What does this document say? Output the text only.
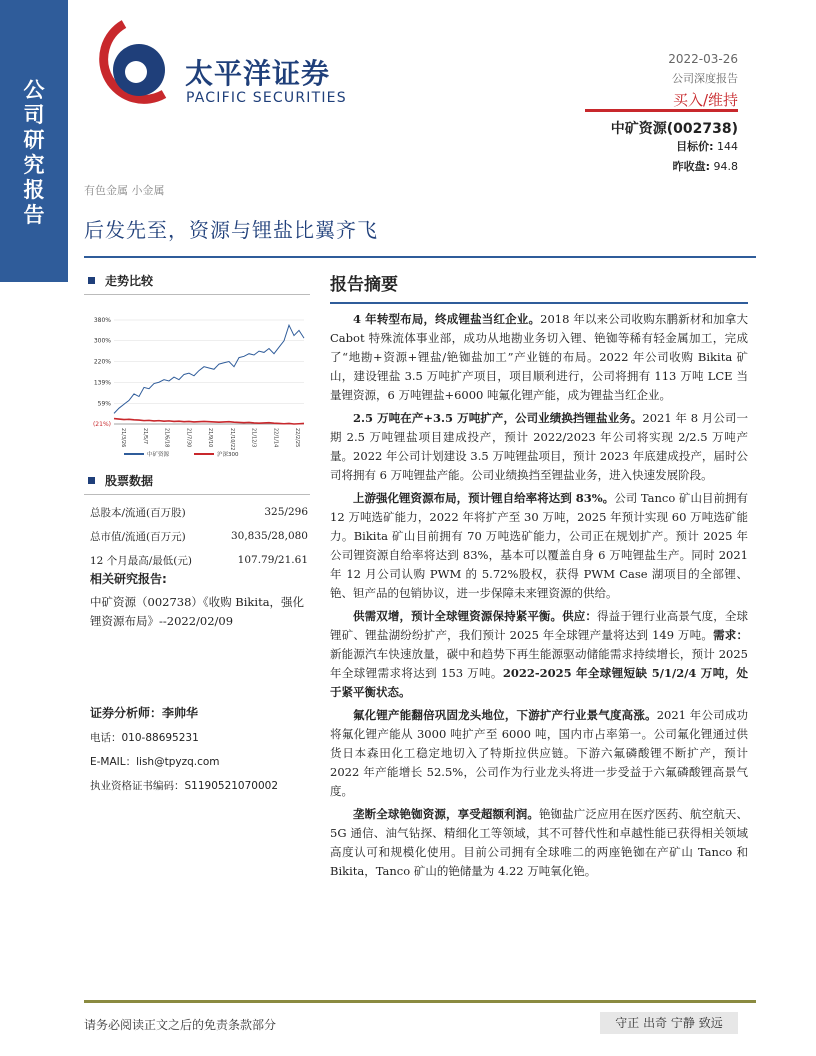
公司研究报告
太平洋证券
PACIFIC SECURITIES
2022-03-26
公司深度报告
买入/维持
中矿资源(002738)
目标价: 144
昨收盘: 94.8
有色金属 小金属
后发先至，资源与锂盐比翼齐飞
走势比较
380%
300%
220%
139%
59%
(21%)
21/3/26	21/5/7	21/6/18	21/7/30	21/9/10	21/10/22	21/12/3	22/1/14	22/2/25
中矿资源	沪深300
股票数据
总股本/流通(百万股)	325/296
总市值/流通(百万元)	30,835/28,080
12 个月最高/最低(元)	107.79/21.61
相关研究报告:
中矿资源（002738）《收购 Bikita，强化锂资源布局》--2022/02/09
证券分析师：李帅华
电话：010-88695231
E-MAIL：lish@tpyzq.com
执业资格证书编码：S1190521070002
报告摘要

4 年转型布局，终成锂盐当红企业。2018 年以来公司收购东鹏新材和加拿大 Cabot 特殊流体事业部，成功从地勘业务切入锂、铯铷等稀有轻金属加工，完成了“地勘+资源+锂盐/铯铷盐加工”产业链的布局。2022 年公司收购 Bikita 矿山，建设锂盐 3.5 万吨扩产项目，项目顺利进行，公司将拥有 113 万吨 LCE 当量锂资源，6 万吨锂盐+6000 吨氟化锂产能，成为锂盐当红企业。

2.5 万吨在产+3.5 万吨扩产，公司业绩换挡锂盐业务。2021 年 8 月公司一期 2.5 万吨锂盐项目建成投产，预计 2022/2023 年公司将实现 2/2.5 万吨产量。2022 年公司计划建设 3.5 万吨锂盐项目，预计 2023 年底建成投产，届时公司将拥有 6 万吨锂盐产能。公司业绩换挡至锂盐业务，进入快速发展阶段。

上游强化锂资源布局，预计锂自给率将达到 83%。公司 Tanco 矿山目前拥有 12 万吨选矿能力，2022 年将扩产至 30 万吨，2025 年预计实现 60 万吨选矿能力。Bikita 矿山目前拥有 70 万吨选矿能力，公司正在规划扩产。预计 2025 年公司锂资源自给率将达到 83%，基本可以覆盖自身 6 万吨锂盐生产。同时 2021 年 12 月公司认购 PWM 的 5.72%股权，获得 PWM Case 湖项目的全部锂、铯、钽产品的包销协议，进一步保障未来锂资源的供给。

供需双增，预计全球锂资源保持紧平衡。供应：得益于锂行业高景气度，全球锂矿、锂盐湖纷纷扩产，我们预计 2025 年全球锂产量将达到 149 万吨。需求：新能源汽车快速放量，碳中和趋势下再生能源驱动储能需求持续增长，预计 2025 年全球锂需求将达到 153 万吨。2022-2025 年全球锂短缺 5/1/2/4 万吨，处于紧平衡状态。

氟化锂产能翻倍巩固龙头地位，下游扩产行业景气度高涨。2021 年公司成功将氟化锂产能从 3000 吨扩产至 6000 吨，国内市占率第一。公司氟化锂通过供货日本森田化工稳定地切入了特斯拉供应链。下游六氟磷酸锂不断扩产，预计 2022 年产能增长 52.5%，公司作为行业龙头将进一步受益于六氟磷酸锂高景气度。

垄断全球铯铷资源，享受超额利润。铯铷盐广泛应用在医疗医药、航空航天、5G 通信、油气钻探、精细化工等领域，其不可替代性和卓越性能已获得相关领域高度认可和规模化使用。目前公司拥有全球唯二的两座铯铷在产矿山 Tanco 和 Bikita，Tanco 矿山的铯储量为 4.22 万吨氧化铯。

请务必阅读正文之后的免责条款部分	守正 出奇 宁静 致远
